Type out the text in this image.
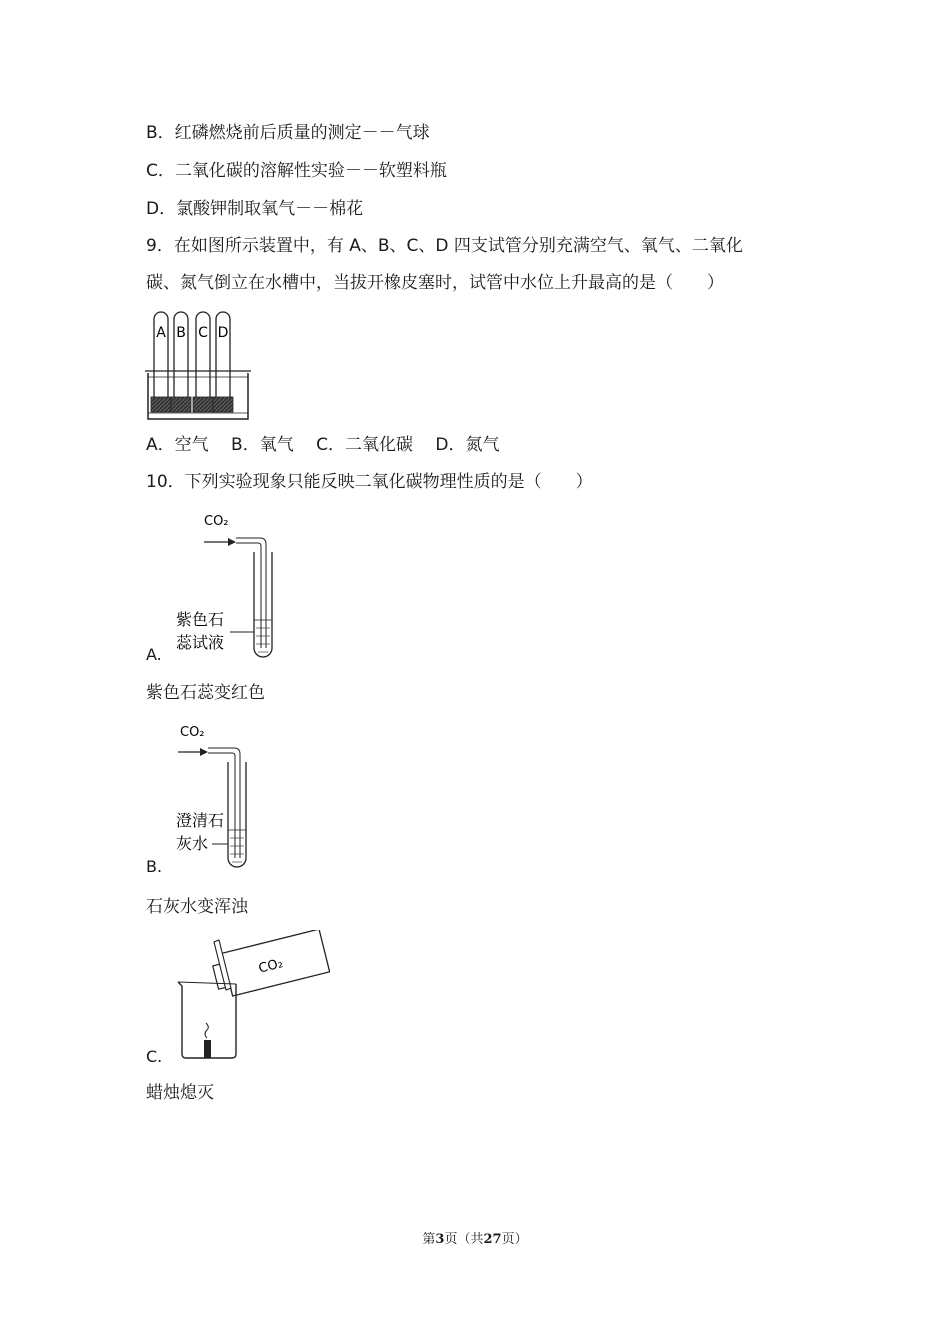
B．红磷燃烧前后质量的测定－－气球
C．二氧化碳的溶解性实验－－软塑料瓶
D．氯酸钾制取氧气－－棉花
9．在如图所示装置中，有 A、B、C、D 四支试管分别充满空气、氧气、二氧化
碳、氮气倒立在水槽中，当拔开橡皮塞时，试管中水位上升最高的是（　　）
A B C D
A．空气　 B．氧气　 C．二氧化碳　 D．氮气
10．下列实验现象只能反映二氧化碳物理性质的是（　　）
CO₂
紫色石
蕊试液
A.
紫色石蕊变红色
CO₂
澄清石
灰水
B.
石灰水变浑浊
CO₂
C.
蜡烛熄灭
第3页（共27页）
